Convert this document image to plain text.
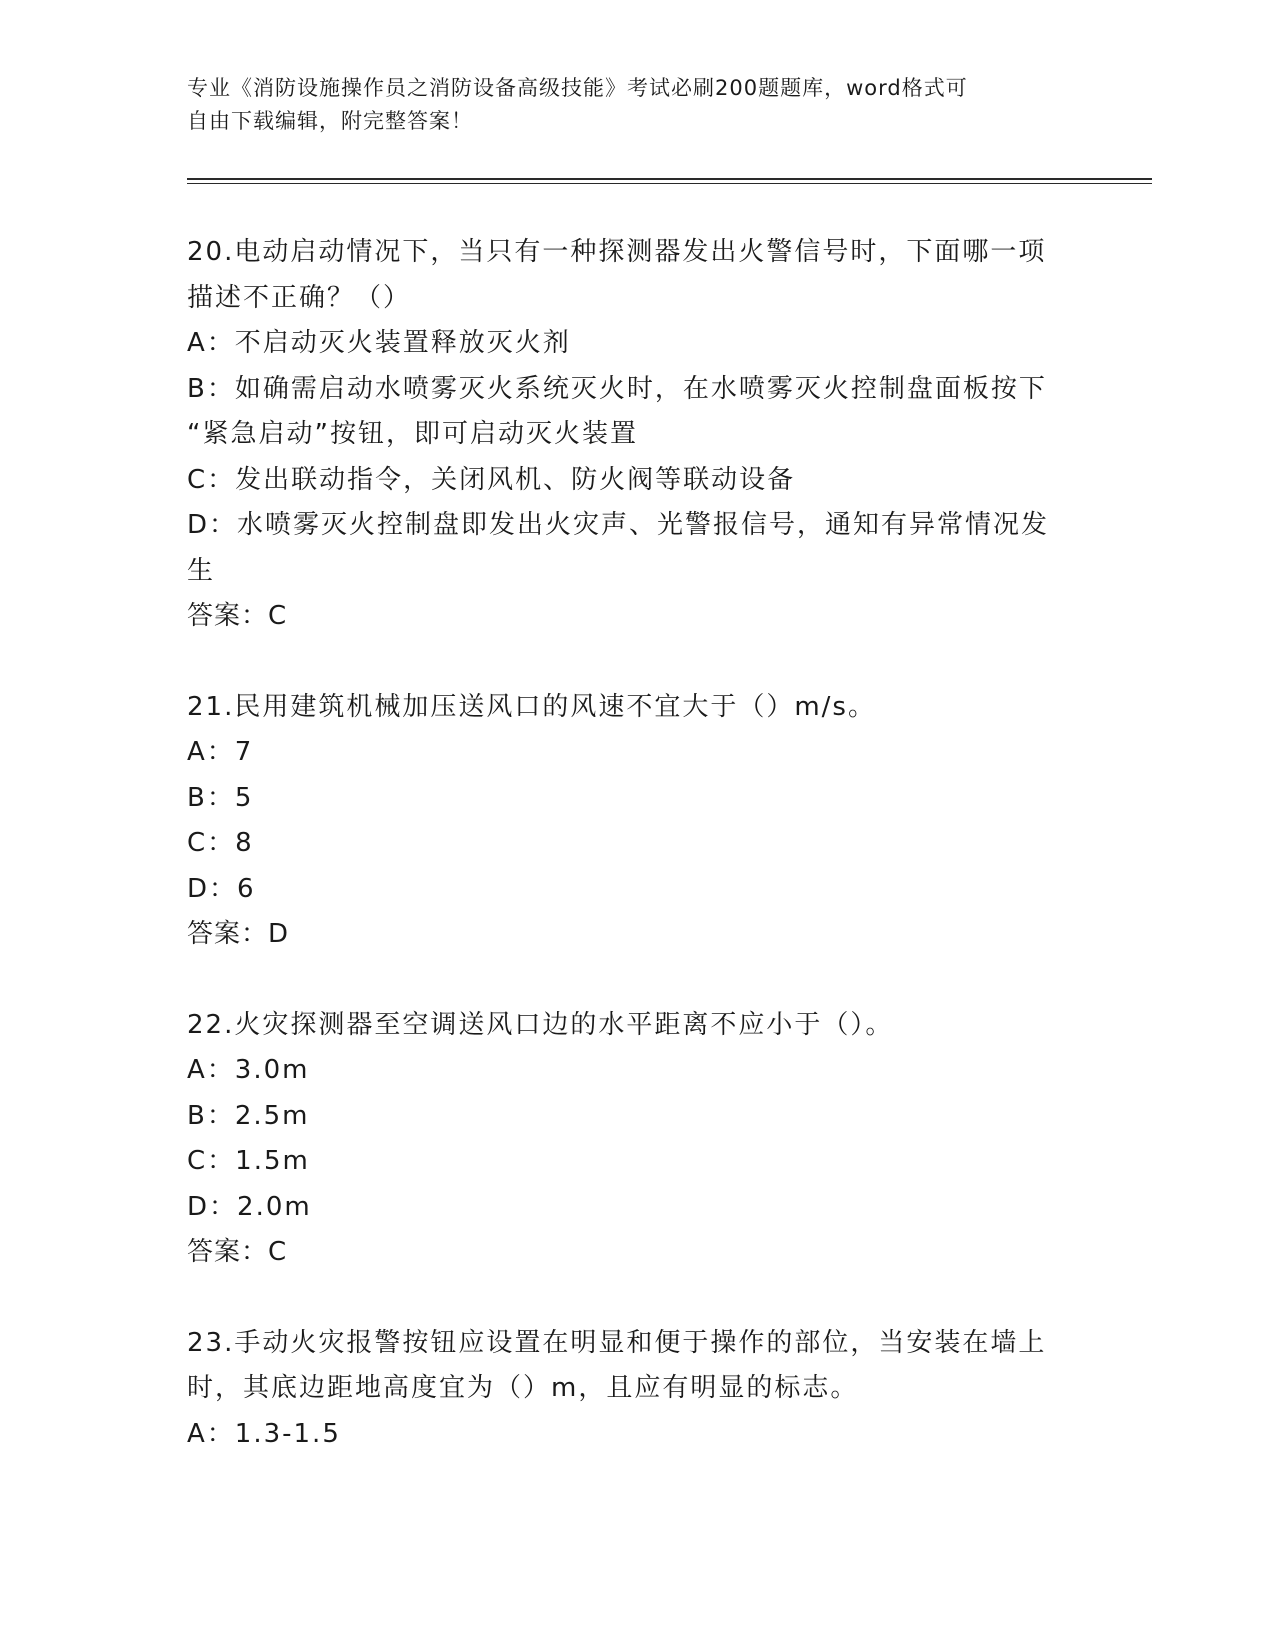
专业《消防设施操作员之消防设备高级技能》考试必刷200题题库，word格式可
自由下载编辑，附完整答案！

20.电动启动情况下，当只有一种探测器发出火警信号时，下面哪一项

描述不正确？（）

A：不启动灭火装置释放灭火剂

B：如确需启动水喷雾灭火系统灭火时，在水喷雾灭火控制盘面板按下

“紧急启动”按钮，即可启动灭火装置

C：发出联动指令，关闭风机、防火阀等联动设备

D：水喷雾灭火控制盘即发出火灾声、光警报信号，通知有异常情况发

生

答案：C

21.民用建筑机械加压送风口的风速不宜大于（）m/s。

A：7

B：5

C：8

D：6

答案：D

22.火灾探测器至空调送风口边的水平距离不应小于（）。

A：3.0m

B：2.5m

C：1.5m

D：2.0m

答案：C

23.手动火灾报警按钮应设置在明显和便于操作的部位，当安装在墙上

时，其底边距地高度宜为（）m，且应有明显的标志。

A：1.3-1.5
